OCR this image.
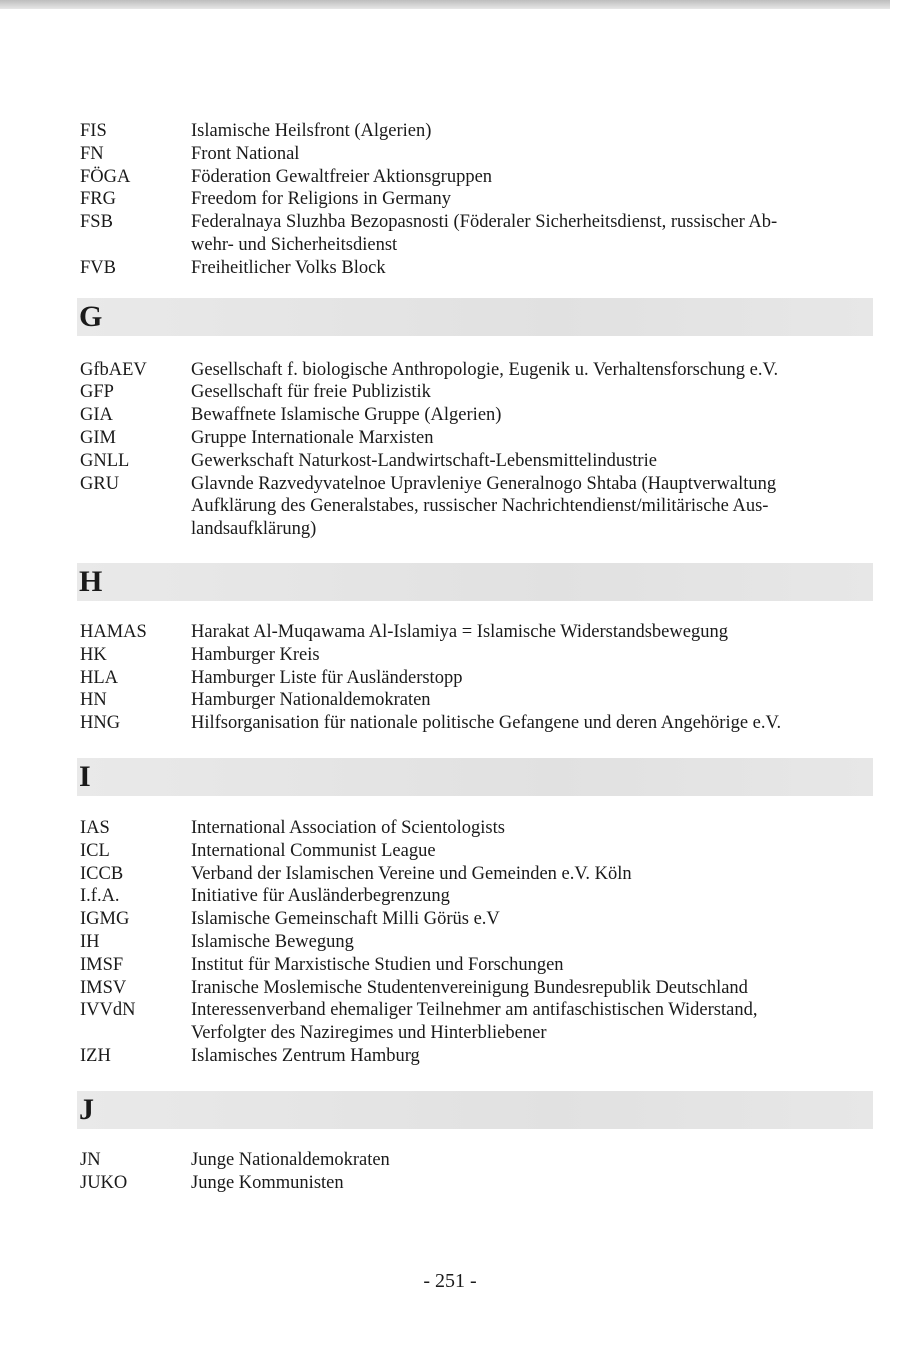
FIS	Islamische Heilsfront (Algerien)
FN	Front National
FÖGA	Föderation Gewaltfreier Aktionsgruppen
FRG	Freedom for Religions in Germany
FSB	Federalnaya Sluzhba Bezopasnosti (Föderaler Sicherheitsdienst, russischer Ab-
wehr- und Sicherheitsdienst
FVB	Freiheitlicher Volks Block
G
GfbAEV	Gesellschaft f. biologische Anthropologie, Eugenik u. Verhaltensforschung e.V.
GFP	Gesellschaft für freie Publizistik
GIA	Bewaffnete Islamische Gruppe (Algerien)
GIM	Gruppe Internationale Marxisten
GNLL	Gewerkschaft Naturkost-Landwirtschaft-Lebensmittelindustrie
GRU	Glavnde Razvedyvatelnoe Upravleniye Generalnogo Shtaba (Hauptverwaltung
Aufklärung des Generalstabes, russischer Nachrichtendienst/militärische Aus-
landsaufklärung)
H
HAMAS	Harakat Al-Muqawama Al-Islamiya = Islamische Widerstandsbewegung
HK	Hamburger Kreis
HLA	Hamburger Liste für Ausländerstopp
HN	Hamburger Nationaldemokraten
HNG	Hilfsorganisation für nationale politische Gefangene und deren Angehörige e.V.
I
IAS	International Association of Scientologists
ICL	International Communist League
ICCB	Verband der Islamischen Vereine und Gemeinden e.V. Köln
I.f.A.	Initiative für Ausländerbegrenzung
IGMG	Islamische Gemeinschaft Milli Görüs e.V
IH	Islamische Bewegung
IMSF	Institut für Marxistische Studien und Forschungen
IMSV	Iranische Moslemische Studentenvereinigung Bundesrepublik Deutschland
IVVdN	Interessenverband ehemaliger Teilnehmer am antifaschistischen Widerstand,
Verfolgter des Naziregimes und Hinterbliebener
IZH	Islamisches Zentrum Hamburg
J
JN	Junge Nationaldemokraten
JUKO	Junge Kommunisten
- 251 -
